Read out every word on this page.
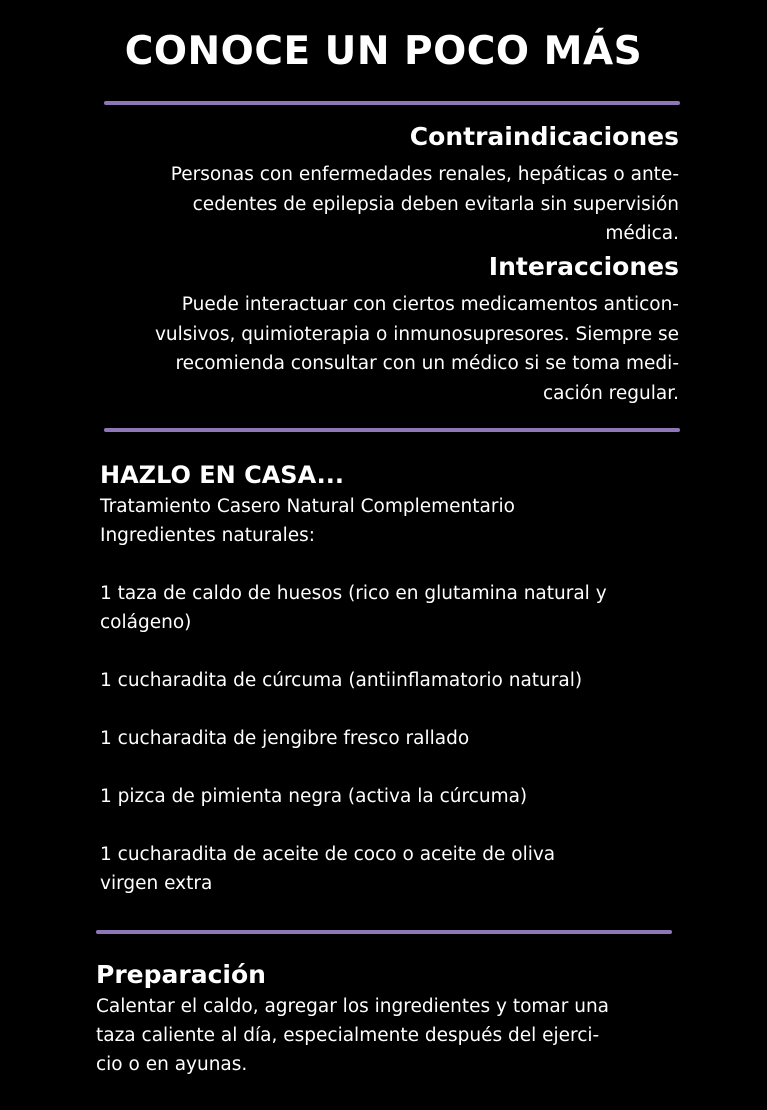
CONOCE UN POCO MÁS
Contraindicaciones
Personas con enfermedades renales, hepáticas o ante-
cedentes de epilepsia deben evitarla sin supervisión
médica.
Interacciones
Puede interactuar con ciertos medicamentos anticon-
vulsivos, quimioterapia o inmunosupresores. Siempre se
recomienda consultar con un médico si se toma medi-
cación regular.
HAZLO EN CASA...
Tratamiento Casero Natural Complementario
Ingredientes naturales:
1 taza de caldo de huesos (rico en glutamina natural y
colágeno)
1 cucharadita de cúrcuma (antiinflamatorio natural)
1 cucharadita de jengibre fresco rallado
1 pizca de pimienta negra (activa la cúrcuma)
1 cucharadita de aceite de coco o aceite de oliva
virgen extra
Preparación
Calentar el caldo, agregar los ingredientes y tomar una
taza caliente al día, especialmente después del ejerci-
cio o en ayunas.
